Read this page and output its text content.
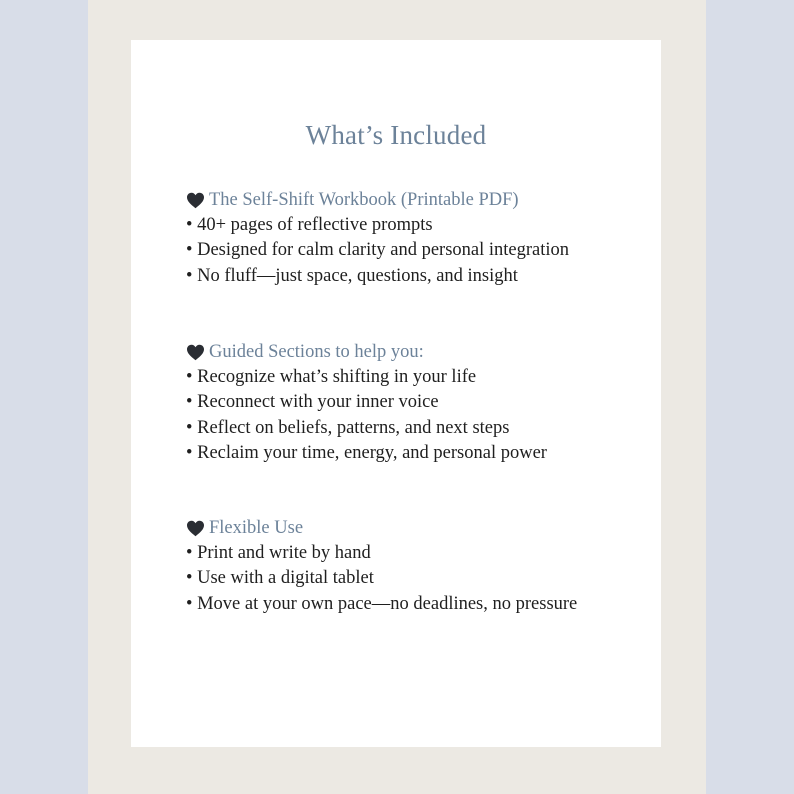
What’s Included
The Self-Shift Workbook (Printable PDF)
• 40+ pages of reflective prompts
• Designed for calm clarity and personal integration
• No fluff—just space, questions, and insight
Guided Sections to help you:
• Recognize what’s shifting in your life
• Reconnect with your inner voice
• Reflect on beliefs, patterns, and next steps
• Reclaim your time, energy, and personal power
Flexible Use
• Print and write by hand
• Use with a digital tablet
• Move at your own pace—no deadlines, no pressure
